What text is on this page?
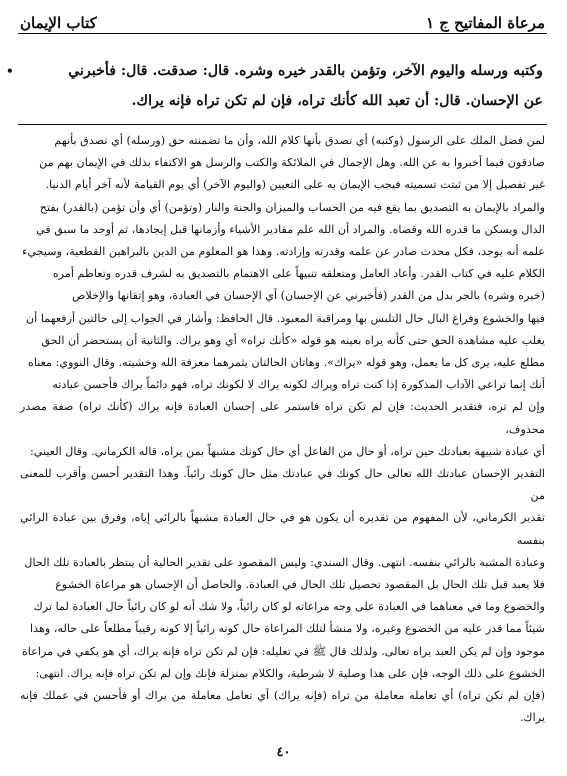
مرعاة المفاتيح ج ١
كتاب الإيمان
•	وكتبه ورسله واليوم الآخر، وتؤمن بالقدر خيره وشره. قال: صدقت. قال: فأخبرني

عن الإحسان. قال: أن تعبد الله كأنك تراه، فإن لم تكن تراه فإنه يراك.

لمن فضل الملك على الرسول (وكتبه) أي تصدق بأنها كلام الله، وأن ما تضمنته حق (ورسله) أي تصدق بأنهم

صادقون فيما أخبروا به عن الله. وهل الإجمال في الملائكة والكتب والرسل هو الاكتفاء بذلك في الإيمان بهم من

غير تفصيل إلا من ثبتت تسميته فيجب الإيمان به على التعيين (واليوم الآخر) أي يوم القيامة لأنه آخر أيام الدنيا.

والمراد بالإيمان به التصديق بما يقع فيه من الحساب والميزان والجنة والنار (وتؤمن) أي وأن تؤمن (بالقدر) بفتح

الدال ويسكن ما قدره الله وقضاه. والمراد أن الله علم مقادير الأشياء وأزمانها قبل إيجادها، ثم أوجد ما سبق في

علمه أنه يوجد، فكل محدث صادر عن علمه وقدرته وإرادته. وهذا هو المعلوم من الدين بالبراهين القطعية، وسيجيء

الكلام عليه في كتاب القدر. وأعاد العامل ومتعلقه تنبيهاً على الاهتمام بالتصديق به لشرف قدره وتعاظم أمره

(خيره وشره) بالجر بدل من القدر (فأخبرني عن الإحسان) أي الإحسان في العبادة، وهو إتقانها والإخلاص

فيها والخشوع وفراغ البال حال التلبس بها ومراقبة المعبود. قال الحافظ: وأشار في الجواب إلى حالتين أرفعهما أن

يغلب عليه مشاهدة الحق حتى كأنه يراه بعينه هو قوله «كأنك تراه» أي وهو يراك. والثانية أن يستحضر أن الحق

مطلع عليه، يرى كل ما يعمل، وهو قوله «يراك». وهاتان الحالتان يثمرهما معرفة الله وخشيته. وقال النووي: معناه

أنك إنما تراعي الآداب المذكورة إذا كنت تراه ويراك لكونه يراك لا لكونك تراه، فهو دائماً يراك فأحسن عبادته

وإن لم تره، فتقدير الحديث: فإن لم تكن تراه فاستمر على إحسان العبادة فإنه يراك (كأنك تراه) صفة مصدر محذوف،

أي عبادة شبيهة بعبادتك حين تراه، أو حال من الفاعل أي حال كونك مشبهاً بمن يراه، قاله الكرماني. وقال العيني:

التقدير الإحسان عبادتك الله تعالى حال كونك في عبادتك مثل حال كونك رائياً. وهذا التقدير أحسن وأقرب للمعنى من

تقدير الكرماني، لأن المفهوم من تقديره أن يكون هو في حال العبادة مشبهاً بالرائي إياه، وفرق بين عبادة الرائي بنفسه

وعبادة المشبه بالرائي بنفسه. انتهى. وقال السندي: وليس المقصود على تقدير الحالية أن ينتظر بالعبادة تلك الحال

فلا يعبد قبل تلك الحال بل المقصود تحصيل تلك الحال في العبادة. والحاصل أن الإحسان هو مراعاة الخشوع

والخضوع وما في معناهما في العبادة على وجه مراعاته لو كان رائياً، ولا شك أنه لو كان رائياً حال العبادة لما ترك

شيئاً مما قدر عليه من الخضوع وغيره، ولا منشأ لتلك المراعاة حال كونه رائياً إلا كونه رقيباً مطلعاً على حاله، وهذا

موجود وإن لم يكن العبد يراه تعالى. ولذلك قال ﷺ في تعليله: فإن لم تكن تراه فإنه يراك، أي هو يكفي في مراعاة

الخشوع على ذلك الوجه، فإن على هذا وصلية لا شرطية، والكلام بمنزلة فإنك وإن لم تكن تراه فإنه يراك. انتهى:

(فإن لم تكن تراه) أي تعامله معاملة من تراه (فإنه يراك) أي تعامل معاملة من يراك أو فأحسن في عملك فإنه يراك.

٤٠
